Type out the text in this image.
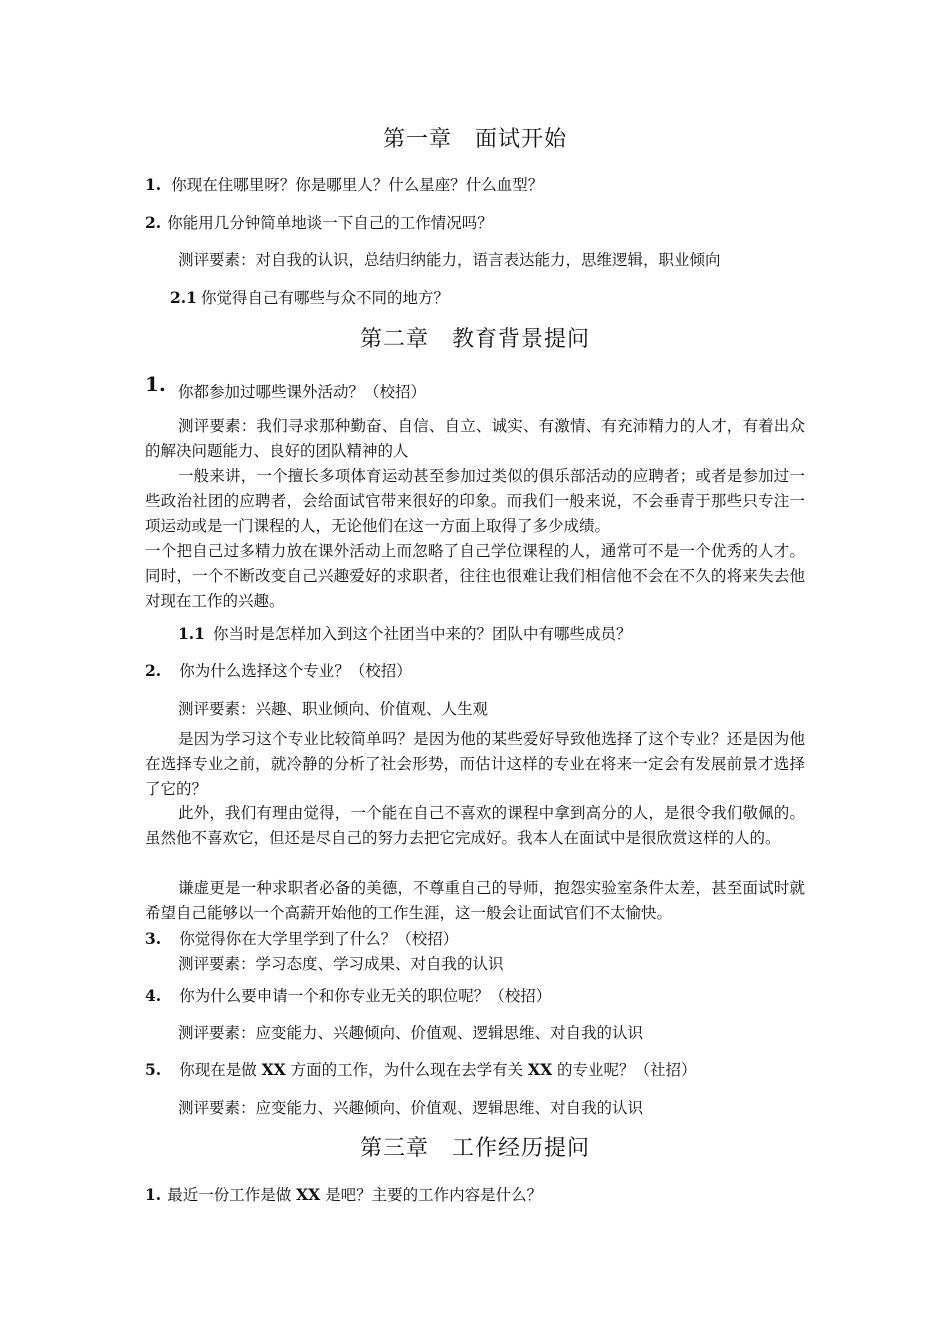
第一章　面试开始
1. 你现在住哪里呀？你是哪里人？什么星座？什么血型？
2. 你能用几分钟简单地谈一下自己的工作情况吗？
测评要素：对自我的认识，总结归纳能力，语言表达能力，思维逻辑，职业倾向
2.1 你觉得自己有哪些与众不同的地方？
第二章　教育背景提问
1. 你都参加过哪些课外活动？（校招）
测评要素：我们寻求那种勤奋、自信、自立、诚实、有激情、有充沛精力的人才，有着出众的解决问题能力、良好的团队精神的人
一般来讲，一个擅长多项体育运动甚至参加过类似的俱乐部活动的应聘者；或者是参加过一些政治社团的应聘者，会给面试官带来很好的印象。而我们一般来说，不会垂青于那些只专注一项运动或是一门课程的人，无论他们在这一方面上取得了多少成绩。
一个把自己过多精力放在课外活动上而忽略了自己学位课程的人，通常可不是一个优秀的人才。同时，一个不断改变自己兴趣爱好的求职者，往往也很难让我们相信他不会在不久的将来失去他对现在工作的兴趣。
1.1 你当时是怎样加入到这个社团当中来的？团队中有哪些成员？
2. 你为什么选择这个专业？（校招）
测评要素：兴趣、职业倾向、价值观、人生观
是因为学习这个专业比较简单吗？是因为他的某些爱好导致他选择了这个专业？还是因为他在选择专业之前，就冷静的分析了社会形势，而估计这样的专业在将来一定会有发展前景才选择了它的？
此外，我们有理由觉得，一个能在自己不喜欢的课程中拿到高分的人，是很令我们敬佩的。虽然他不喜欢它，但还是尽自己的努力去把它完成好。我本人在面试中是很欣赏这样的人的。
谦虚更是一种求职者必备的美德，不尊重自己的导师，抱怨实验室条件太差，甚至面试时就希望自己能够以一个高薪开始他的工作生涯，这一般会让面试官们不太愉快。
3. 你觉得你在大学里学到了什么？（校招）
测评要素：学习态度、学习成果、对自我的认识
4. 你为什么要申请一个和你专业无关的职位呢？（校招）
测评要素：应变能力、兴趣倾向、价值观、逻辑思维、对自我的认识
5. 你现在是做 XX 方面的工作，为什么现在去学有关 XX 的专业呢？（社招）
测评要素：应变能力、兴趣倾向、价值观、逻辑思维、对自我的认识
第三章　工作经历提问
1. 最近一份工作是做 XX 是吧？主要的工作内容是什么？
